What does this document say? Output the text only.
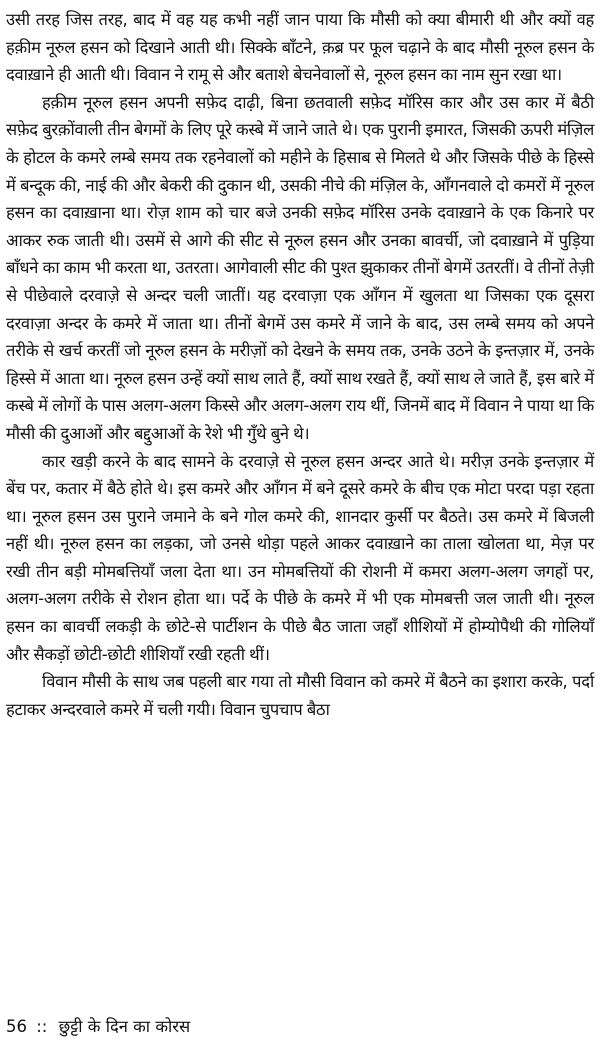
उसी तरह जिस तरह, बाद में वह यह कभी नहीं जान पाया कि मौसी को क्या बीमारी थी और क्यों वह हक़ीम नूरुल हसन को दिखाने आती थी। सिक्के बाँटने, क़ब्र पर फूल चढ़ाने के बाद मौसी नूरुल हसन के दवाख़ाने ही आती थी। विवान ने रामू से और बताशे बेचनेवालों से, नूरुल हसन का नाम सुन रखा था।

हक़ीम नूरुल हसन अपनी सफ़ेद दाढ़ी, बिना छतवाली सफ़ेद मॉरिस कार और उस कार में बैठी सफ़ेद बुरक़ोंवाली तीन बेगमों के लिए पूरे कस्बे में जाने जाते थे। एक पुरानी इमारत, जिसकी ऊपरी मंज़िल के होटल के कमरे लम्बे समय तक रहनेवालों को महीने के हिसाब से मिलते थे और जिसके पीछे के हिस्से में बन्दूक की, नाई की और बेकरी की दुकान थी, उसकी नीचे की मंज़िल के, आँगनवाले दो कमरों में नूरुल हसन का दवाख़ाना था। रोज़ शाम को चार बजे उनकी सफ़ेद मॉरिस उनके दवाख़ाने के एक किनारे पर आकर रुक जाती थी। उसमें से आगे की सीट से नूरुल हसन और उनका बावर्ची, जो दवाख़ाने में पुड़िया बाँधने का काम भी करता था, उतरता। आगेवाली सीट की पुश्त झुकाकर तीनों बेगमें उतरतीं। वे तीनों तेज़ी से पीछेवाले दरवाज़े से अन्दर चली जातीं। यह दरवाज़ा एक आँगन में खुलता था जिसका एक दूसरा दरवाज़ा अन्दर के कमरे में जाता था। तीनों बेगमें उस कमरे में जाने के बाद, उस लम्बे समय को अपने तरीके से खर्च करतीं जो नूरुल हसन के मरीज़ों को देखने के समय तक, उनके उठने के इन्तज़ार में, उनके हिस्से में आता था। नूरुल हसन उन्हें क्यों साथ लाते हैं, क्यों साथ रखते हैं, क्यों साथ ले जाते हैं, इस बारे में कस्बे में लोगों के पास अलग-अलग किस्से और अलग-अलग राय थीं, जिनमें बाद में विवान ने पाया था कि मौसी की दुआओं और बद्दुआओं के रेशे भी गुँथे बुने थे।

कार खड़ी करने के बाद सामने के दरवाज़े से नूरुल हसन अन्दर आते थे। मरीज़ उनके इन्तज़ार में बेंच पर, कतार में बैठे होते थे। इस कमरे और आँगन में बने दूसरे कमरे के बीच एक मोटा परदा पड़ा रहता था। नूरुल हसन उस पुराने जमाने के बने गोल कमरे की, शानदार कुर्सी पर बैठते। उस कमरे में बिजली नहीं थी। नूरुल हसन का लड़का, जो उनसे थोड़ा पहले आकर दवाख़ाने का ताला खोलता था, मेज़ पर रखी तीन बड़ी मोमबत्तियाँ जला देता था। उन मोमबत्तियों की रोशनी में कमरा अलग-अलग जगहों पर, अलग-अलग तरीके से रोशन होता था। पर्दे के पीछे के कमरे में भी एक मोमबत्ती जल जाती थी। नूरुल हसन का बावर्ची लकड़ी के छोटे-से पार्टीशन के पीछे बैठ जाता जहाँ शीशियों में होम्योपैथी की गोलियाँ और सैकड़ों छोटी-छोटी शीशियाँ रखी रहती थीं।

विवान मौसी के साथ जब पहली बार गया तो मौसी विवान को कमरे में बैठने का इशारा करके, पर्दा हटाकर अन्दरवाले कमरे में चली गयी। विवान चुपचाप बैठा

56 :: छुट्टी के दिन का कोरस
